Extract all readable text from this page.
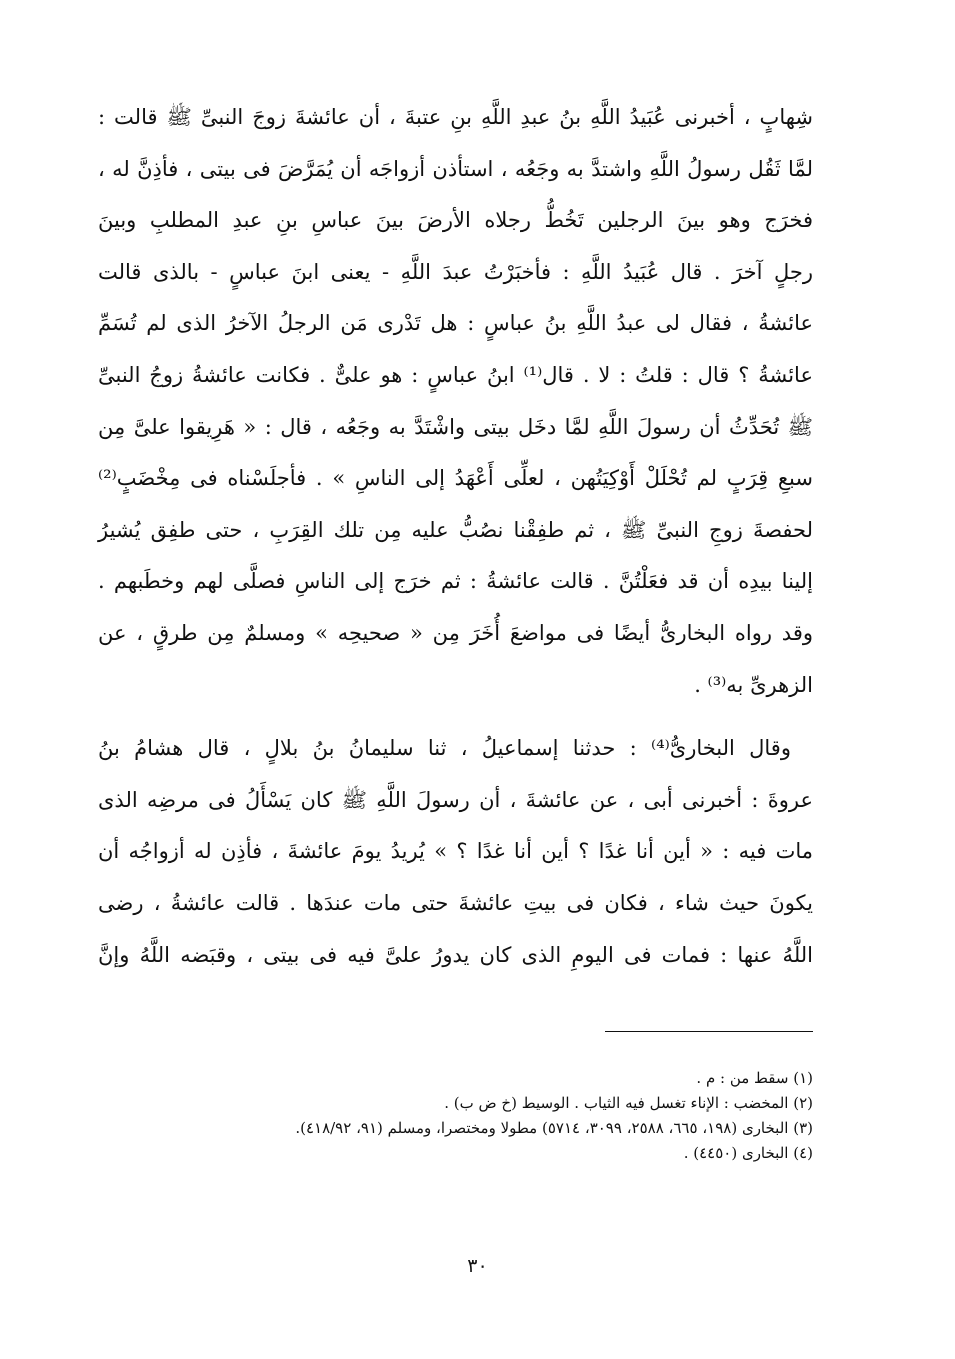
شِهابٍ ، أخبرنى عُبَيدُ اللَّهِ بنُ عبدِ اللَّهِ بنِ عتبةَ ، أن عائشةَ زوجَ النبىِّ ﷺ قالت :
لمَّا ثَقُل رسولُ اللَّهِ واشتدَّ به وجَعُه ، استأذن أزواجَه أن يُمَرَّضَ فى بيتى ، فأذِنَّ له ،
فخرَج وهو بينَ الرجلين تَخُطُّ رجلاه الأرضَ بينَ عباسِ بنِ عبدِ المطلبِ وبينَ
رجلٍ آخرَ . قال عُبَيدُ اللَّهِ : فأخبَرْتُ عبدَ اللَّهِ - يعنى ابنَ عباسٍ - بالذى قالت
عائشةُ ، فقال لى عبدُ اللَّهِ بنُ عباسٍ : هل تَدْرى مَن الرجلُ الآخرُ الذى لم تُسَمِّ
عائشةُ ؟ قال : قلتُ : لا . قال⁽¹⁾ ابنُ عباسٍ : هو علىٌّ . فكانت عائشةُ زوجُ النبىِّ
ﷺ تُحَدِّثُ أن رسولَ اللَّهِ لمَّا دخَل بيتى واشْتَدَّ به وجَعُه ، قال : « هَرِيقوا علىَّ مِن
سبعِ قِرَبٍ لم تُحْلَلْ أَوْكِيَتُهن ، لعلِّى أَعْهَدُ إلى الناسِ » . فأجلَسْناه فى مِخْضَبٍ⁽²⁾
لحفصةَ زوجِ النبىِّ ﷺ ، ثم طفِقْنا نصُبُّ عليه مِن تلك القِرَبِ ، حتى طفِق يُشيرُ
إلينا بيدِه أن قد فعَلْتُنَّ . قالت عائشةُ : ثم خرَج إلى الناسِ فصلَّى لهم وخطَبهم .
وقد رواه البخارىُّ أيضًا فى مواضعَ أُخَرَ مِن « صحيحِه » ومسلمٌ مِن طرقٍ ، عن
الزهرىِّ به⁽³⁾ .
وقال البخارىُّ⁽⁴⁾ : حدثنا إسماعيلُ ، ثنا سليمانُ بنُ بلالٍ ، قال هشامُ بنُ
عروةَ : أخبرنى أبى ، عن عائشةَ ، أن رسولَ اللَّهِ ﷺ كان يَسْأَلُ فى مرضِه الذى
مات فيه : « أين أنا غدًا ؟ أين أنا غدًا ؟ » يُريدُ يومَ عائشةَ ، فأذِن له أزواجُه أن
يكونَ حيث شاء ، فكان فى بيتِ عائشةَ حتى مات عندَها . قالت عائشةُ ، رضى
اللَّهُ عنها : فمات فى اليومِ الذى كان يدورُ علىَّ فيه فى بيتى ، وقبَضه اللَّهُ وإنَّ
(١) سقط من : م .
(٢) المخضب : الإناء تغسل فيه الثياب . الوسيط (خ ض ب) .
(٣) البخارى (١٩٨، ٦٦٥، ٢٥٨٨، ٣٠٩٩، ٥٧١٤) مطولا ومختصرا، ومسلم (٩١، ٤١٨/٩٢).
(٤) البخارى (٤٤٥٠) .
٣٠
